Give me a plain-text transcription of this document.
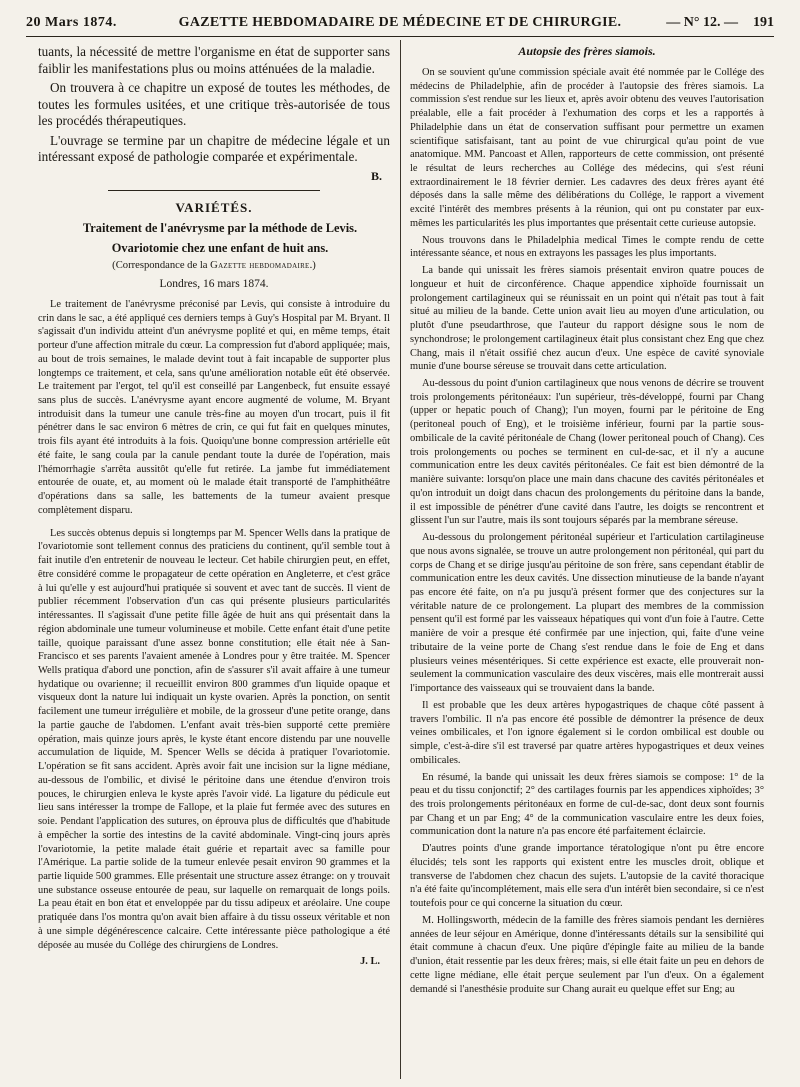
20 Mars 1874.	GAZETTE HEBDOMADAIRE DE MÉDECINE ET DE CHIRURGIE.	— N° 12. — 191

tuants, la nécessité de mettre l'organisme en état de supporter sans faiblir les manifestations plus ou moins atténuées de la maladie.

On trouvera à ce chapitre un exposé de toutes les méthodes, de toutes les formules usitées, et une critique très-autorisée de tous les procédés thérapeutiques.

L'ouvrage se termine par un chapitre de médecine légale et un intéressant exposé de pathologie comparée et expérimentale.

B.
VARIÉTÉS.

Traitement de l'anévrysme par la méthode de Levis.

Ovariotomie chez une enfant de huit ans.

(Correspondance de la Gazette hebdomadaire.)
Londres, 16 mars 1874.

Le traitement de l'anévrysme préconisé par Levis, qui consiste à introduire du crin dans le sac, a été appliqué ces derniers temps à Guy's Hospital par M. Bryant. Il s'agissait d'un individu atteint d'un anévrysme poplité et qui, en même temps, était porteur d'une affection mitrale du cœur. La compression fut d'abord appliquée; mais, au bout de trois semaines, le malade devint tout à fait incapable de supporter plus longtemps ce traitement, et cela, sans qu'une amélioration notable eût été observée. Le traitement par l'ergot, tel qu'il est conseillé par Langenbeck, fut ensuite essayé sans plus de succès. L'anévrysme ayant encore augmenté de volume, M. Bryant introduisit dans la tumeur une canule très-fine au moyen d'un trocart, puis il fit pénétrer dans le sac environ 6 mètres de crin, ce qui fut fait en quelques minutes, trois fils ayant été introduits à la fois. Quoiqu'une bonne compression artérielle eût été faite, le sang coula par la canule pendant toute la durée de l'opération, mais l'hémorrhagie s'arrêta aussitôt qu'elle fut retirée. La jambe fut immédiatement entourée de ouate, et, au moment où le malade était transporté de l'amphithéâtre d'opérations dans sa salle, les battements de la tumeur avaient presque complètement disparu.

Les succès obtenus depuis si longtemps par M. Spencer Wells dans la pratique de l'ovariotomie sont tellement connus des praticiens du continent, qu'il semble tout à fait inutile d'en entretenir de nouveau le lecteur. Cet habile chirurgien peut, en effet, être considéré comme le propagateur de cette opération en Angleterre, et c'est grâce à lui qu'elle y est aujourd'hui pratiquée si souvent et avec tant de succès. Il vient de publier récemment l'observation d'un cas qui présente plusieurs particularités intéressantes. Il s'agissait d'une petite fille âgée de huit ans qui présentait dans la région abdominale une tumeur volumineuse et mobile. Cette enfant était d'une petite taille, quoique paraissant d'une assez bonne constitution; elle était née à San-Francisco et ses parents l'avaient amenée à Londres pour y être traitée. M. Spencer Wells pratiqua d'abord une ponction, afin de s'assurer s'il avait affaire à une tumeur hydatique ou ovarienne; il recueillit environ 800 grammes d'un liquide opaque et visqueux dont la nature lui indiquait un kyste ovarien. Après la ponction, on sentit facilement une tumeur irrégulière et mobile, de la grosseur d'une petite orange, dans la partie gauche de l'abdomen. L'enfant avait très-bien supporté cette première opération, mais quinze jours après, le kyste étant encore distendu par une nouvelle accumulation de liquide, M. Spencer Wells se décida à pratiquer l'ovariotomie. L'opération se fit sans accident. Après avoir fait une incision sur la ligne médiane, au-dessous de l'ombilic, et divisé le péritoine dans une étendue d'environ trois pouces, le chirurgien enleva le kyste après l'avoir vidé. La ligature du pédicule eut lieu sans intéresser la trompe de Fallope, et la plaie fut fermée avec des sutures en soie. Pendant l'application des sutures, on éprouva plus de difficultés que d'habitude à empêcher la sortie des intestins de la cavité abdominale. Vingt-cinq jours après l'ovariotomie, la petite malade était guérie et repartait avec sa famille pour l'Amérique. La partie solide de la tumeur enlevée pesait environ 90 grammes et la partie liquide 500 grammes. Elle présentait une structure assez étrange: on y trouvait une substance osseuse entourée de peau, sur laquelle on remarquait de longs poils. La peau était en bon état et enveloppée par du tissu adipeux et aréolaire. Une coupe pratiquée dans l'os montra qu'on avait bien affaire à du tissu osseux véritable et non à une simple dégénérescence calcaire. Cette intéressante pièce pathologique a été déposée au musée du Collége des chirurgiens de Londres.

J. L.
Autopsie des frères siamois.

On se souvient qu'une commission spéciale avait été nommée par le Collége des médecins de Philadelphie, afin de procéder à l'autopsie des frères siamois. La commission s'est rendue sur les lieux et, après avoir obtenu des veuves l'autorisation préalable, elle a fait procéder à l'exhumation des corps et les a rapportés à Philadelphie dans un état de conservation suffisant pour permettre un examen scientifique satisfaisant, tant au point de vue chirurgical qu'au point de vue anatomique. MM. Pancoast et Allen, rapporteurs de cette commission, ont présenté le résultat de leurs recherches au Collége des médecins, qui s'est réuni extraordinairement le 18 février dernier. Les cadavres des deux frères ayant été déposés dans la salle même des délibérations du Collége, le rapport a vivement excité l'intérêt des membres présents à la réunion, qui ont pu constater par eux-mêmes les particularités les plus importantes que présentait cette curieuse autopsie.

Nous trouvons dans le Philadelphia medical Times le compte rendu de cette intéressante séance, et nous en extrayons les passages les plus importants.

La bande qui unissait les frères siamois présentait environ quatre pouces de longueur et huit de circonférence. Chaque appendice xiphoïde fournissait un prolongement cartilagineux qui se réunissait en un point qui n'était pas tout à fait situé au milieu de la bande. Cette union avait lieu au moyen d'une articulation, ou plutôt d'une pseudarthrose, que l'auteur du rapport désigne sous le nom de synchondrose; le prolongement cartilagineux était plus consistant chez Eng que chez Chang, mais il n'était ossifié chez aucun d'eux. Une espèce de cavité synoviale munie d'une bourse séreuse se trouvait dans cette articulation.

Au-dessous du point d'union cartilagineux que nous venons de décrire se trouvent trois prolongements péritonéaux: l'un supérieur, très-développé, fourni par Chang (upper or hepatic pouch of Chang); l'un moyen, fourni par le péritoine de Eng (peritoneal pouch of Eng), et le troisième inférieur, fourni par la partie sous-ombilicale de la cavité péritonéale de Chang (lower peritoneal pouch of Chang). Ces trois prolongements ou poches se terminent en cul-de-sac, et il n'y a aucune communication entre les deux cavités péritonéales. Ce fait est bien démontré de la manière suivante: lorsqu'on place une main dans chacune des cavités péritonéales et qu'on introduit un doigt dans chacun des prolongements du péritoine dans la bande, il est impossible de pénétrer d'une cavité dans l'autre, les doigts se rencontrent et glissent l'un sur l'autre, mais ils sont toujours séparés par la membrane séreuse.

Au-dessous du prolongement péritonéal supérieur et l'articulation cartilagineuse que nous avons signalée, se trouve un autre prolongement non péritonéal, qui part du corps de Chang et se dirige jusqu'au péritoine de son frère, sans cependant établir de communication entre les deux cavités. Une dissection minutieuse de la bande n'ayant pas encore été faite, on n'a pu jusqu'à présent former que des conjectures sur la véritable nature de ce prolongement. La plupart des membres de la commission pensent qu'il est formé par les vaisseaux hépatiques qui vont d'un foie à l'autre. Cette manière de voir a presque été confirmée par une injection, qui, faite d'une veine tributaire de la veine porte de Chang s'est rendue dans le foie de Eng et dans plusieurs veines mésentériques. Si cette expérience est exacte, elle prouverait non-seulement la communication vasculaire des deux viscères, mais elle montrerait aussi l'importance des vaisseaux qui se trouvaient dans la bande.

Il est probable que les deux artères hypogastriques de chaque côté passent à travers l'ombilic. Il n'a pas encore été possible de démontrer la présence de deux veines ombilicales, et l'on ignore également si le cordon ombilical est double ou simple, c'est-à-dire s'il est traversé par quatre artères hypogastriques et deux veines ombilicales.

En résumé, la bande qui unissait les deux frères siamois se compose: 1° de la peau et du tissu conjonctif; 2° des cartilages fournis par les appendices xiphoïdes; 3° des trois prolongements péritonéaux en forme de cul-de-sac, dont deux sont fournis par Chang et un par Eng; 4° de la communication vasculaire entre les deux foies, communication dont la nature n'a pas encore été parfaitement éclaircie.

D'autres points d'une grande importance tératologique n'ont pu être encore élucidés; tels sont les rapports qui existent entre les muscles droit, oblique et transverse de l'abdomen chez chacun des sujets. L'autopsie de la cavité thoracique n'a été faite qu'incomplétement, mais elle sera d'un intérêt bien secondaire, si ce n'est toutefois pour ce qui concerne la situation du cœur.

M. Hollingsworth, médecin de la famille des frères siamois pendant les dernières années de leur séjour en Amérique, donne d'intéressants détails sur la sensibilité qui était commune à chacun d'eux. Une piqûre d'épingle faite au milieu de la bande d'union, était ressentie par les deux frères; mais, si elle était faite un peu en dehors de cette ligne médiane, elle était perçue seulement par l'un d'eux. On a également demandé si l'anesthésie produite sur Chang aurait eu quelque effet sur Eng; au
